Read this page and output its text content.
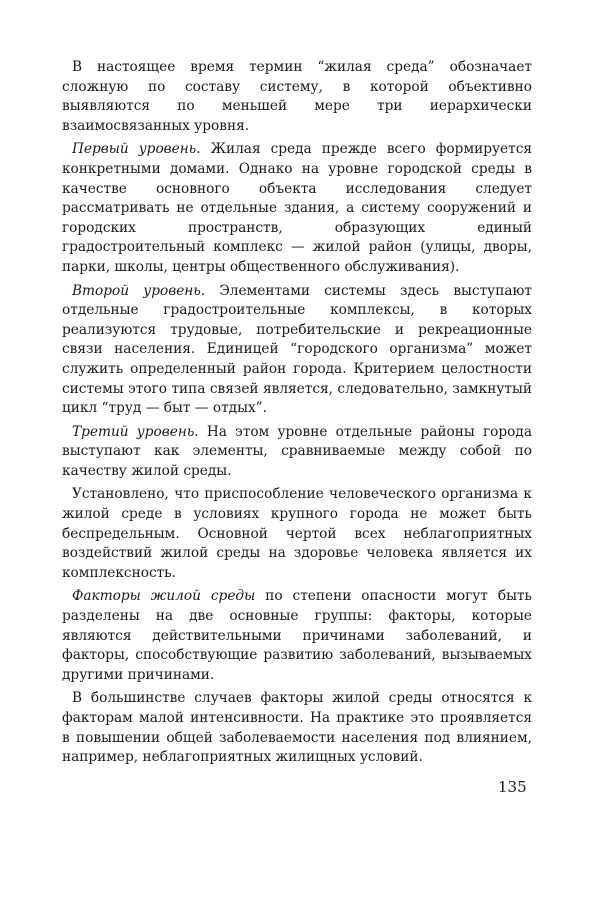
В настоящее время термин “жилая среда” обозначает сложную по составу систему, в которой объективно выявляются по меньшей мере три иерархически взаимосвязанных уровня.

Первый уровень. Жилая среда прежде всего формируется конкретными домами. Однако на уровне городской среды в качестве основного объекта исследования следует рассматривать не отдельные здания, а систему сооружений и городских пространств, образующих единый градостроительный комплекс — жилой район (улицы, дворы, парки, школы, центры общественного обслуживания).

Второй уровень. Элементами системы здесь выступают отдельные градостроительные комплексы, в которых реализуются трудовые, потребительские и рекреационные связи населения. Единицей “городского организма” может служить определенный район города. Критерием целостности системы этого типа связей является, следовательно, замкнутый цикл “труд — быт — отдых”.

Третий уровень. На этом уровне отдельные районы города выступают как элементы, сравниваемые между собой по качеству жилой среды.

Установлено, что приспособление человеческого организма к жилой среде в условиях крупного города не может быть беспредельным. Основной чертой всех неблагоприятных воздействий жилой среды на здоровье человека является их комплексность.

Факторы жилой среды по степени опасности могут быть разделены на две основные группы: факторы, которые являются действительными причинами заболеваний, и факторы, способствующие развитию заболеваний, вызываемых другими причинами.

В большинстве случаев факторы жилой среды относятся к факторам малой интенсивности. На практике это проявляется в повышении общей заболеваемости населения под влиянием, например, неблагоприятных жилищных условий.

135
